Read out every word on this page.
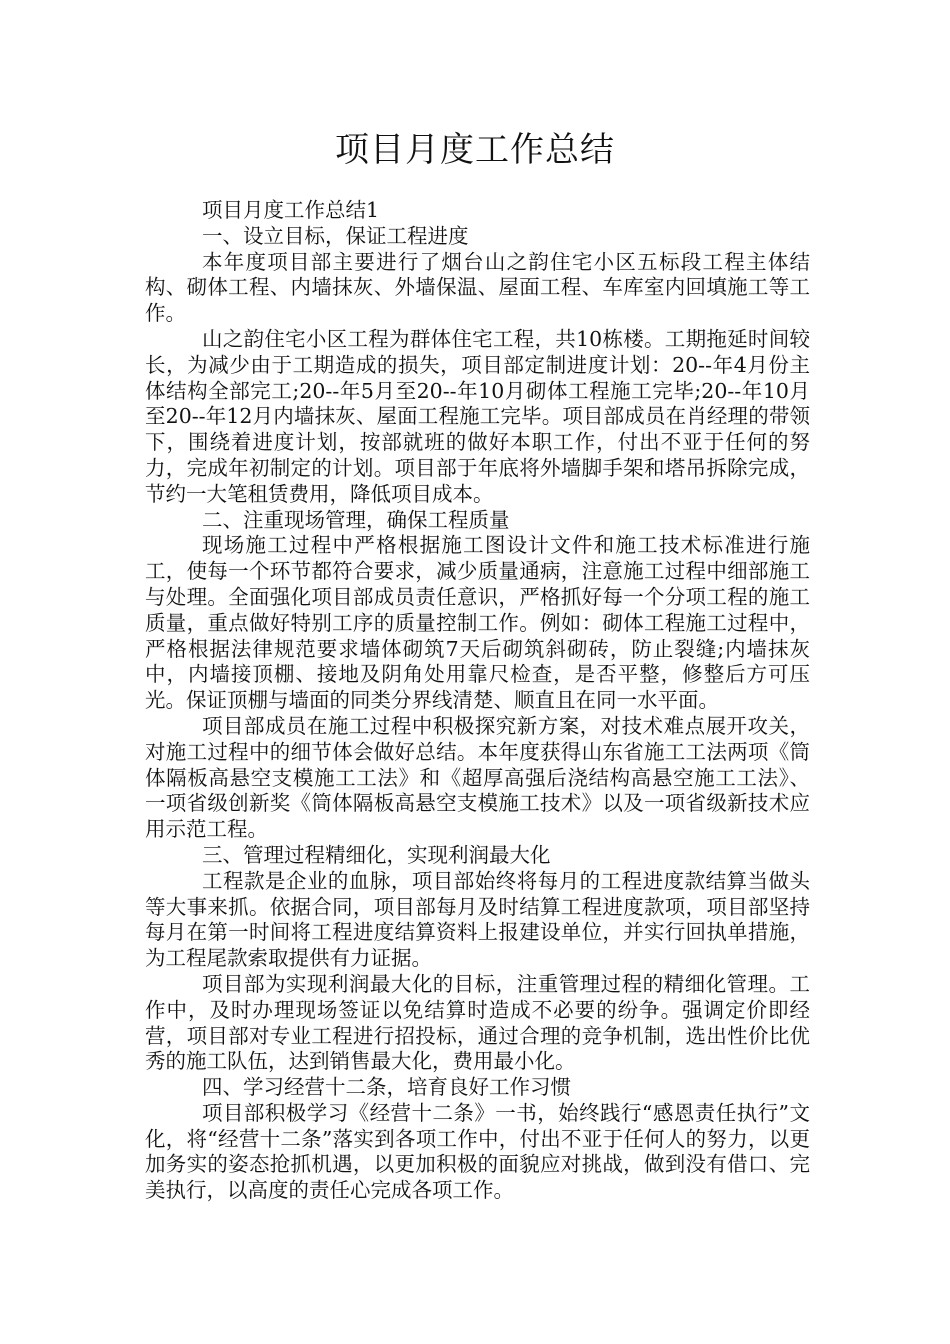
项目月度工作总结

项目月度工作总结1

一、设立目标，保证工程进度

本年度项目部主要进行了烟台山之韵住宅小区五标段工程主体结构、砌体工程、内墙抹灰、外墙保温、屋面工程、车库室内回填施工等工作。

山之韵住宅小区工程为群体住宅工程，共10栋楼。工期拖延时间较长，为减少由于工期造成的损失，项目部定制进度计划：20--年4月份主体结构全部完工;20--年5月至20--年10月砌体工程施工完毕;20--年10月至20--年12月内墙抹灰、屋面工程施工完毕。项目部成员在肖经理的带领下，围绕着进度计划，按部就班的做好本职工作，付出不亚于任何的努力，完成年初制定的计划。项目部于年底将外墙脚手架和塔吊拆除完成，节约一大笔租赁费用，降低项目成本。

二、注重现场管理，确保工程质量

现场施工过程中严格根据施工图设计文件和施工技术标准进行施工，使每一个环节都符合要求，减少质量通病，注意施工过程中细部施工与处理。全面强化项目部成员责任意识，严格抓好每一个分项工程的施工质量，重点做好特别工序的质量控制工作。例如：砌体工程施工过程中，严格根据法律规范要求墙体砌筑7天后砌筑斜砌砖，防止裂缝;内墙抹灰中，内墙接顶棚、接地及阴角处用靠尺检查，是否平整，修整后方可压光。保证顶棚与墙面的同类分界线清楚、顺直且在同一水平面。

项目部成员在施工过程中积极探究新方案，对技术难点展开攻关，对施工过程中的细节体会做好总结。本年度获得山东省施工工法两项《筒体隔板高悬空支模施工工法》和《超厚高强后浇结构高悬空施工工法》、一项省级创新奖《筒体隔板高悬空支模施工技术》以及一项省级新技术应用示范工程。

三、管理过程精细化，实现利润最大化

工程款是企业的血脉，项目部始终将每月的工程进度款结算当做头等大事来抓。依据合同，项目部每月及时结算工程进度款项，项目部坚持每月在第一时间将工程进度结算资料上报建设单位，并实行回执单措施，为工程尾款索取提供有力证据。

项目部为实现利润最大化的目标，注重管理过程的精细化管理。工作中，及时办理现场签证以免结算时造成不必要的纷争。强调定价即经营，项目部对专业工程进行招投标，通过合理的竞争机制，选出性价比优秀的施工队伍，达到销售最大化，费用最小化。

四、学习经营十二条，培育良好工作习惯

项目部积极学习《经营十二条》一书，始终践行“感恩责任执行”文化，将“经营十二条”落实到各项工作中，付出不亚于任何人的努力，以更加务实的姿态抢抓机遇，以更加积极的面貌应对挑战，做到没有借口、完美执行，以高度的责任心完成各项工作。
